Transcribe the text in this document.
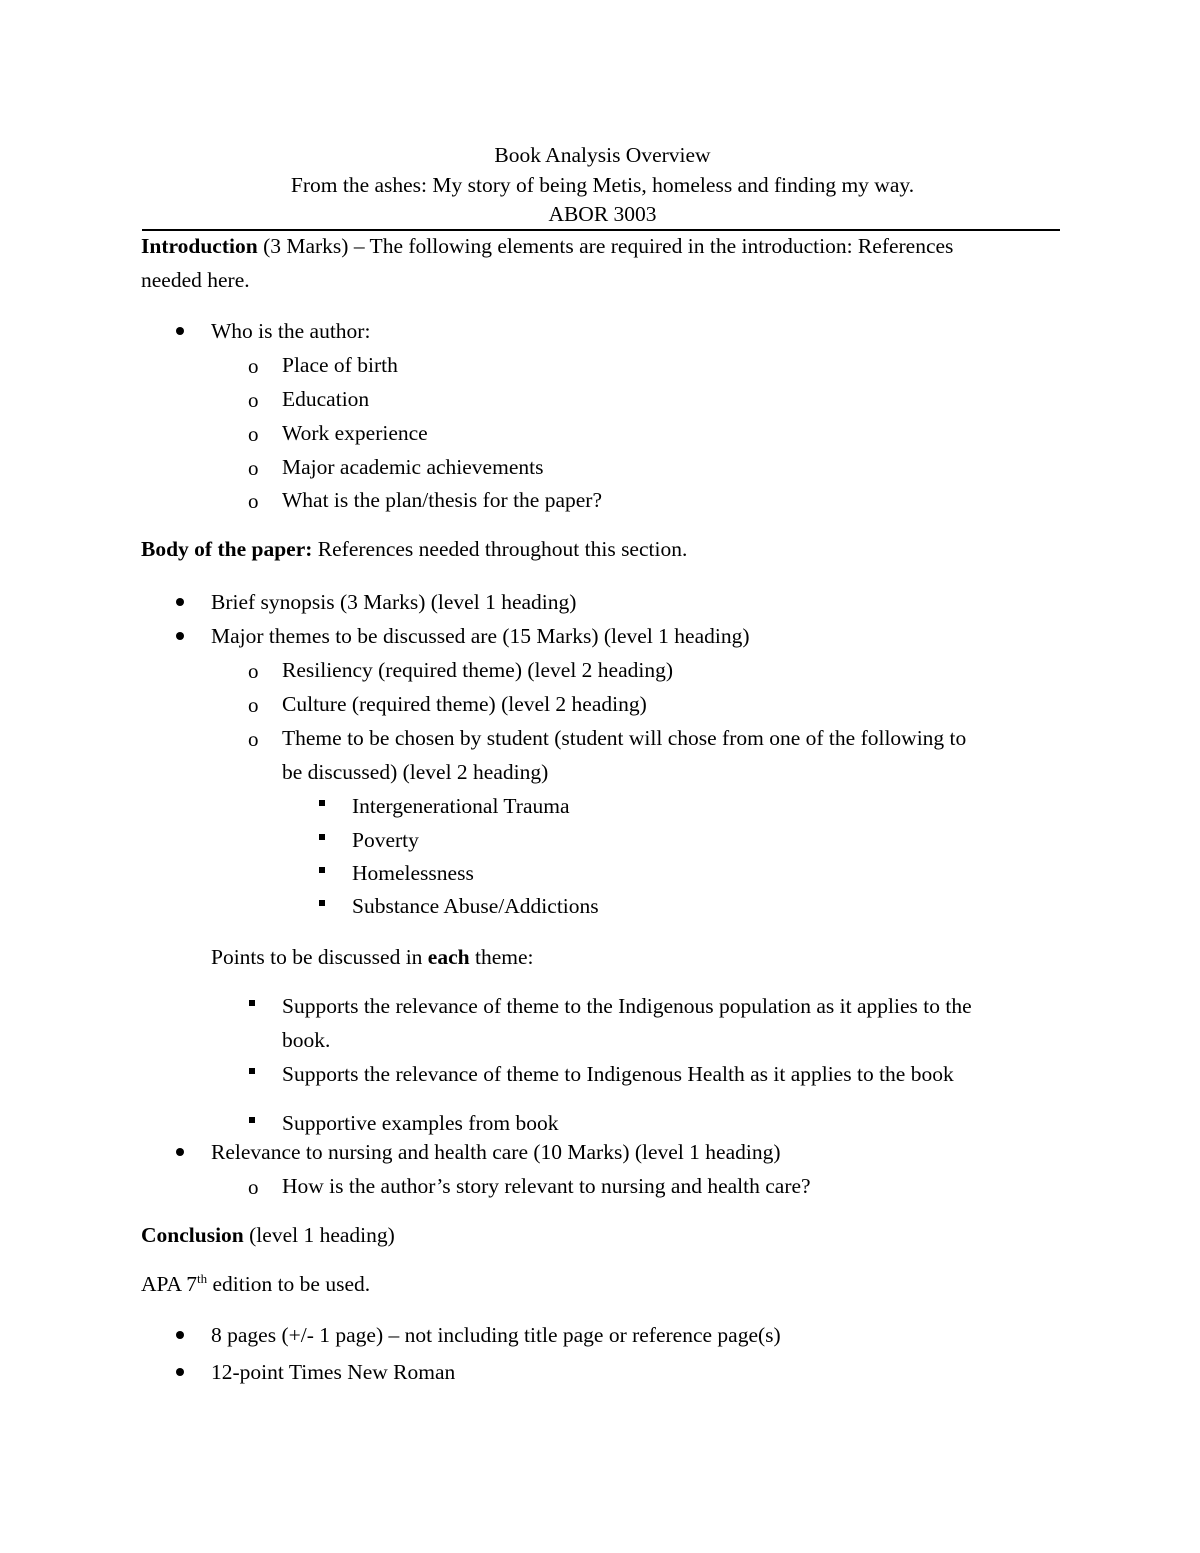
Book Analysis Overview
From the ashes: My story of being Metis, homeless and finding my way.
ABOR 3003
Introduction (3 Marks) – The following elements are required in the introduction: References
needed here.
Who is the author:
o Place of birth
o Education
o Work experience
o Major academic achievements
o What is the plan/thesis for the paper?
Body of the paper: References needed throughout this section.
Brief synopsis (3 Marks) (level 1 heading)
Major themes to be discussed are (15 Marks) (level 1 heading)
o Resiliency (required theme) (level 2 heading)
o Culture (required theme) (level 2 heading)
o Theme to be chosen by student (student will chose from one of the following to
be discussed) (level 2 heading)
Intergenerational Trauma
Poverty
Homelessness
Substance Abuse/Addictions
Points to be discussed in each theme:
Supports the relevance of theme to the Indigenous population as it applies to the
book.
Supports the relevance of theme to Indigenous Health as it applies to the book
Supportive examples from book
Relevance to nursing and health care (10 Marks) (level 1 heading)
o How is the author’s story relevant to nursing and health care?
Conclusion (level 1 heading)
APA 7th edition to be used.
8 pages (+/- 1 page) – not including title page or reference page(s)
12-point Times New Roman
